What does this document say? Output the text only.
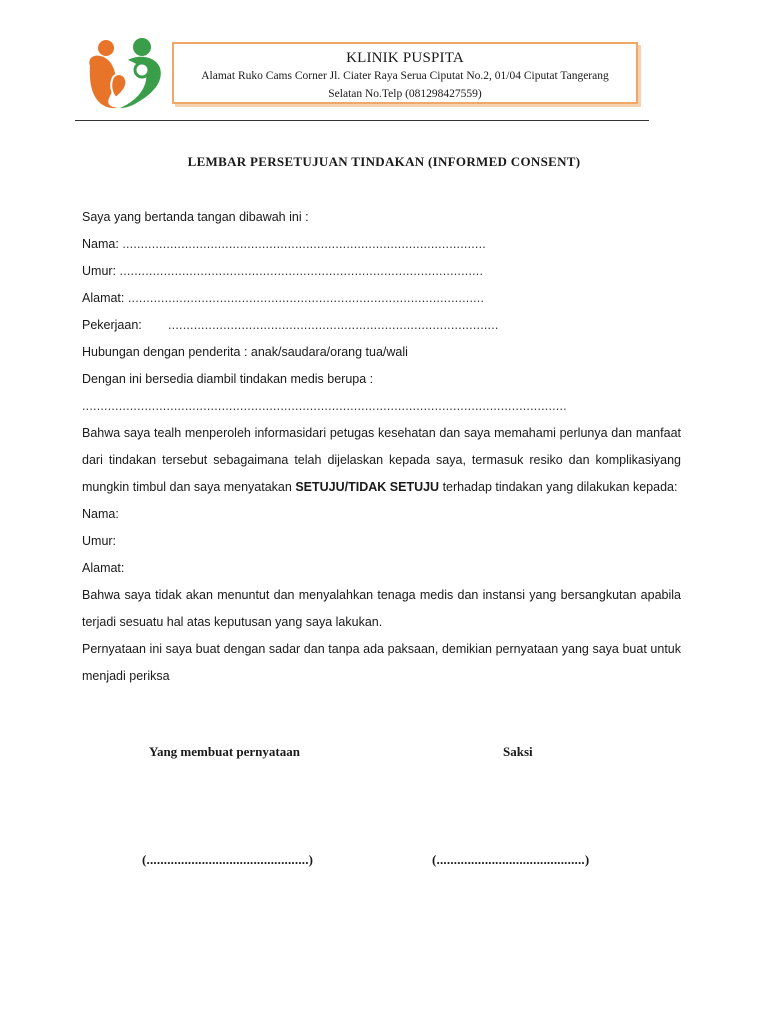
KLINIK PUSPITA
Alamat Ruko Cams Corner Jl. Ciater Raya Serua Ciputat No.2, 01/04 Ciputat Tangerang
Selatan No.Telp (081298427559)
LEMBAR PERSETUJUAN TINDAKAN (INFORMED CONSENT)

Saya yang bertanda tangan dibawah ini :

Nama: ...................................................................................................

Umur: ...................................................................................................

Alamat: .................................................................................................

Pekerjaan: ..........................................................................................

Hubungan dengan penderita : anak/saudara/orang tua/wali

Dengan ini bersedia diambil tindakan medis berupa :

....................................................................................................................................

Bahwa saya tealh menperoleh informasidari petugas kesehatan dan saya memahami perlunya dan manfaat dari tindakan tersebut sebagaimana telah dijelaskan kepada saya, termasuk resiko dan komplikasiyang mungkin timbul dan saya menyatakan SETUJU/TIDAK SETUJU terhadap tindakan yang dilakukan kepada:

Nama:

Umur:

Alamat:

Bahwa saya tidak akan menuntut dan menyalahkan tenaga medis dan instansi yang bersangkutan apabila terjadi sesuatu hal atas keputusan yang saya lakukan.

Pernyataan ini saya buat dengan sadar dan tanpa ada paksaan, demikian pernyataan yang saya buat untuk menjadi periksa

Yang membuat pernyataan	Saksi
(...............................................)	(...........................................)
